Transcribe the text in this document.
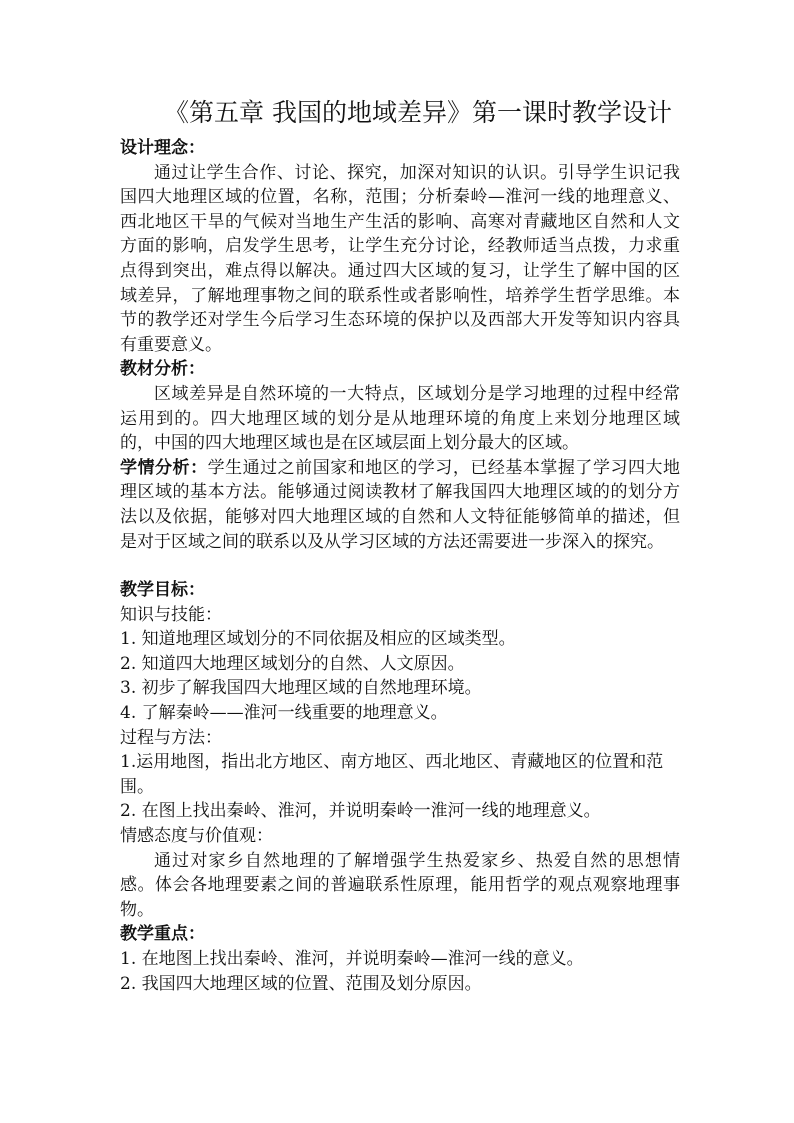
《第五章 我国的地域差异》第一课时教学设计

设计理念：

通过让学生合作、讨论、探究，加深对知识的认识。引导学生识记我国四大地理区域的位置，名称，范围；分析秦岭—淮河一线的地理意义、西北地区干旱的气候对当地生产生活的影响、高寒对青藏地区自然和人文方面的影响，启发学生思考，让学生充分讨论，经教师适当点拨，力求重点得到突出，难点得以解决。通过四大区域的复习，让学生了解中国的区域差异，了解地理事物之间的联系性或者影响性，培养学生哲学思维。本节的教学还对学生今后学习生态环境的保护以及西部大开发等知识内容具有重要意义。

教材分析：

区域差异是自然环境的一大特点，区域划分是学习地理的过程中经常运用到的。四大地理区域的划分是从地理环境的角度上来划分地理区域的，中国的四大地理区域也是在区域层面上划分最大的区域。

学情分析：学生通过之前国家和地区的学习，已经基本掌握了学习四大地理区域的基本方法。能够通过阅读教材了解我国四大地理区域的的划分方法以及依据，能够对四大地理区域的自然和人文特征能够简单的描述，但是对于区域之间的联系以及从学习区域的方法还需要进一步深入的探究。

教学目标：

知识与技能：

1. 知道地理区域划分的不同依据及相应的区域类型。

2. 知道四大地理区域划分的自然、人文原因。

3. 初步了解我国四大地理区域的自然地理环境。

4. 了解秦岭——淮河一线重要的地理意义。

过程与方法：

1.运用地图，指出北方地区、南方地区、西北地区、青藏地区的位置和范围。

2. 在图上找出秦岭、淮河，并说明秦岭一淮河一线的地理意义。

情感态度与价值观：

通过对家乡自然地理的了解增强学生热爱家乡、热爱自然的思想情感。体会各地理要素之间的普遍联系性原理，能用哲学的观点观察地理事物。

教学重点：

1. 在地图上找出秦岭、淮河，并说明秦岭—淮河一线的意义。

2. 我国四大地理区域的位置、范围及划分原因。
